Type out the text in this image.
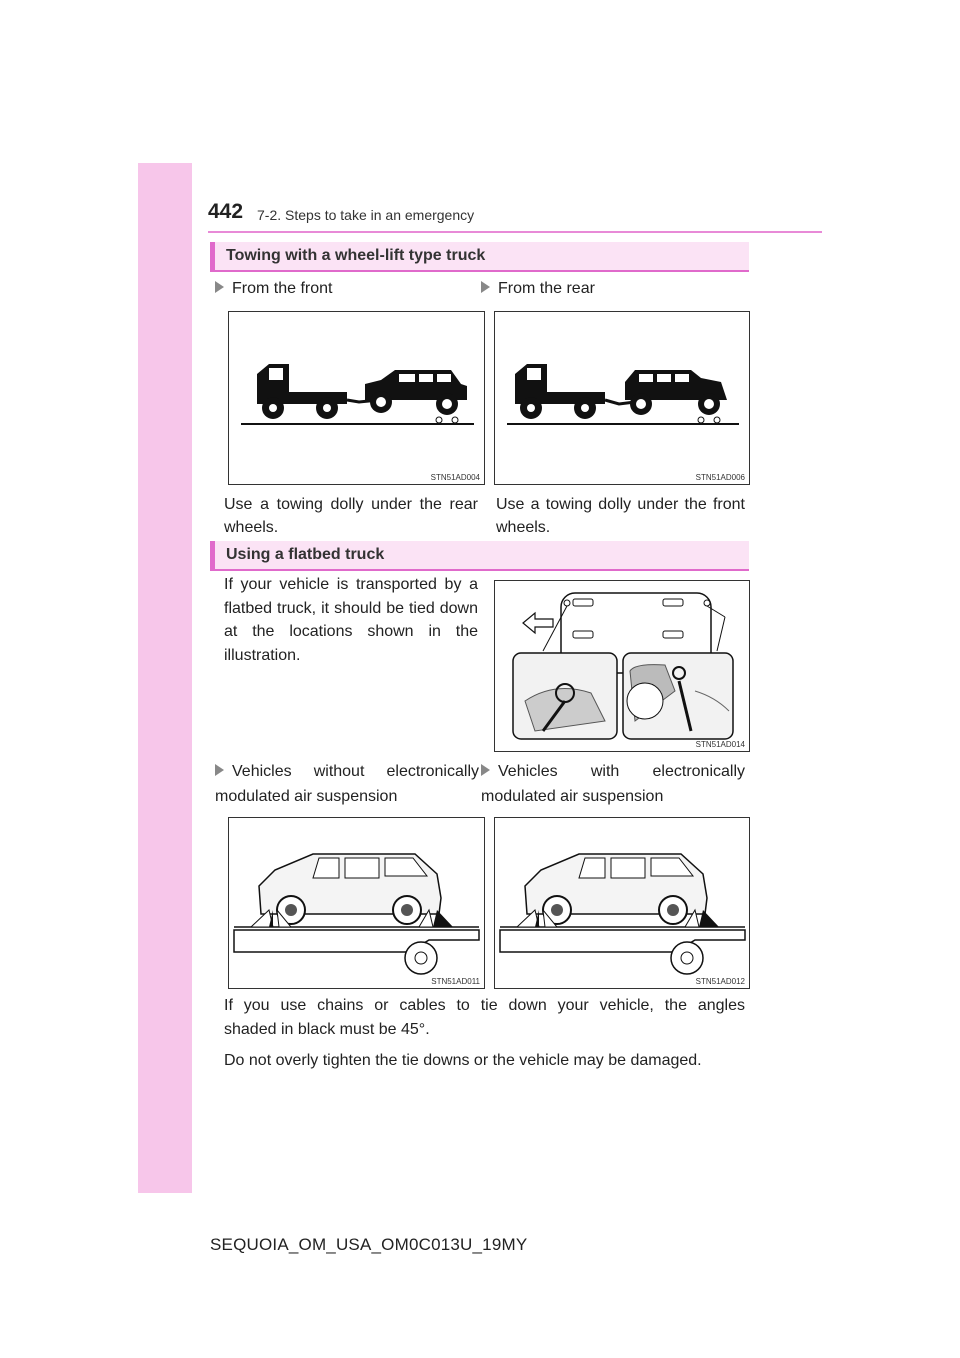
442 7-2. Steps to take in an emergency
Towing with a wheel-lift type truck
From the front	From the rear
STN51AD004	STN51AD006
Use a towing dolly under the rear wheels.
Use a towing dolly under the front wheels.
Using a flatbed truck
If your vehicle is transported by a flatbed truck, it should be tied down at the locations shown in the illustration.
STN51AD014
Vehicles without electronically modulated air suspension
Vehicles with electronically modulated air suspension
STN51AD011	STN51AD012
If you use chains or cables to tie down your vehicle, the angles
shaded in black must be 45°.
Do not overly tighten the tie downs or the vehicle may be damaged.
SEQUOIA_OM_USA_OM0C013U_19MY
